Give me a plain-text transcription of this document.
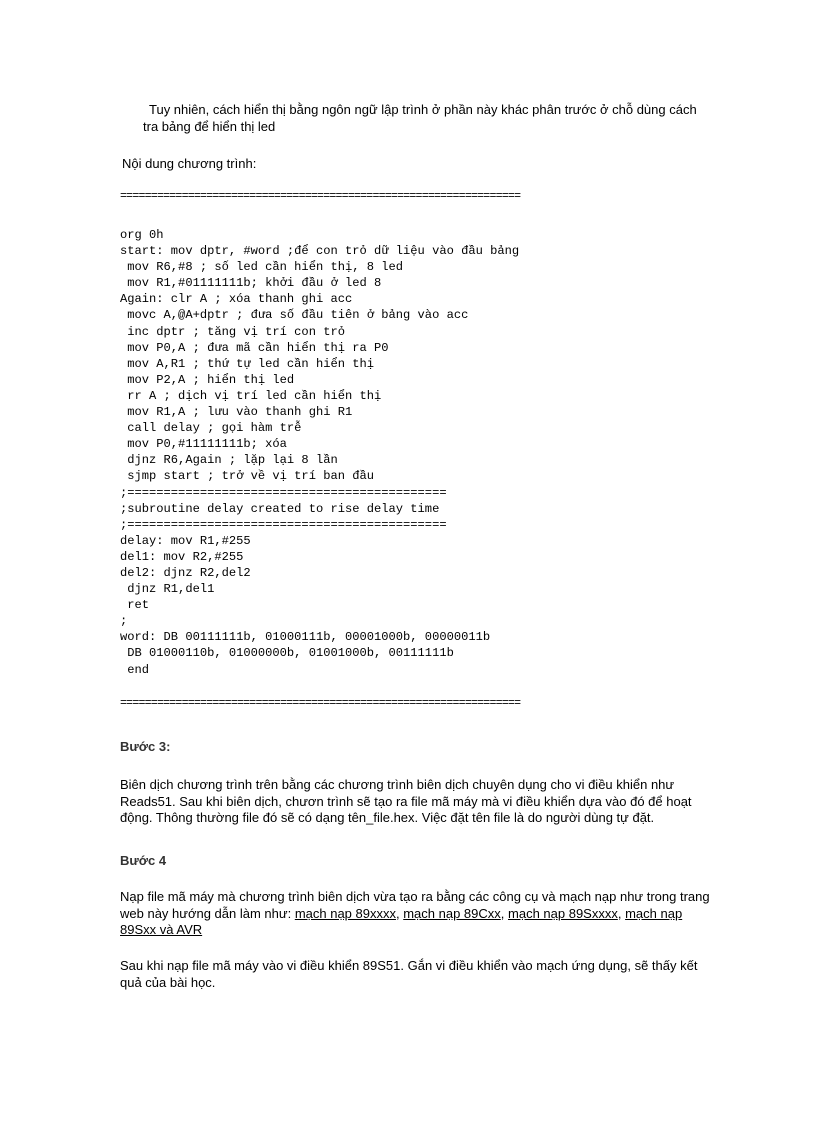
Tuy nhiên, cách hiển thị bằng ngôn ngữ lập trình ở phần này khác phân trước ở chỗ dùng cách
tra bảng để hiển thị led

Nội dung chương trình:

=================================================================
org 0h
start: mov dptr, #word ;để con trỏ dữ liệu vào đầu bảng
mov R6,#8 ; số led cần hiển thị, 8 led
mov R1,#01111111b; khởi đầu ở led 8
Again: clr A ; xóa thanh ghi acc
movc A,@A+dptr ; đưa số đầu tiên ở bảng vào acc
inc dptr ; tăng vị trí con trỏ
mov P0,A ; đưa mã cần hiển thị ra P0
mov A,R1 ; thứ tự led cần hiển thị
mov P2,A ; hiển thị led
rr A ; dịch vị trí led cần hiển thị
mov R1,A ; lưu vào thanh ghi R1
call delay ; gọi hàm trễ
mov P0,#11111111b; xóa
djnz R6,Again ; lặp lại 8 lần
sjmp start ; trở về vị trí ban đầu
;============================================
;subroutine delay created to rise delay time
;============================================
delay: mov R1,#255
del1: mov R2,#255
del2: djnz R2,del2
djnz R1,del1
ret
;
word: DB 00111111b, 01000111b, 00001000b, 00000011b
DB 01000110b, 01000000b, 01001000b, 00111111b
end
=================================================================
Bước 3:

Biên dịch chương trình trên bằng các chương trình biên dịch chuyên dụng cho vi điều khiển như Reads51. Sau khi biên dịch, chươn trình sẽ tạo ra file mã máy mà vi điều khiển dựa vào đó để hoạt động. Thông thường file đó sẽ có dạng tên_file.hex. Việc đặt tên file là do người dùng tự đặt.

Bước 4

Nạp file mã máy mà chương trình biên dịch vừa tạo ra bằng các công cụ và mạch nạp như trong trang web này hướng dẫn làm như: mạch nạp 89xxxx, mạch nạp 89Cxx, mạch nạp 89Sxxxx, mạch nạp 89Sxx và AVR

Sau khi nạp file mã máy vào vi điều khiển 89S51. Gắn vi điều khiển vào mạch ứng dụng, sẽ thấy kết quả của bài học.
